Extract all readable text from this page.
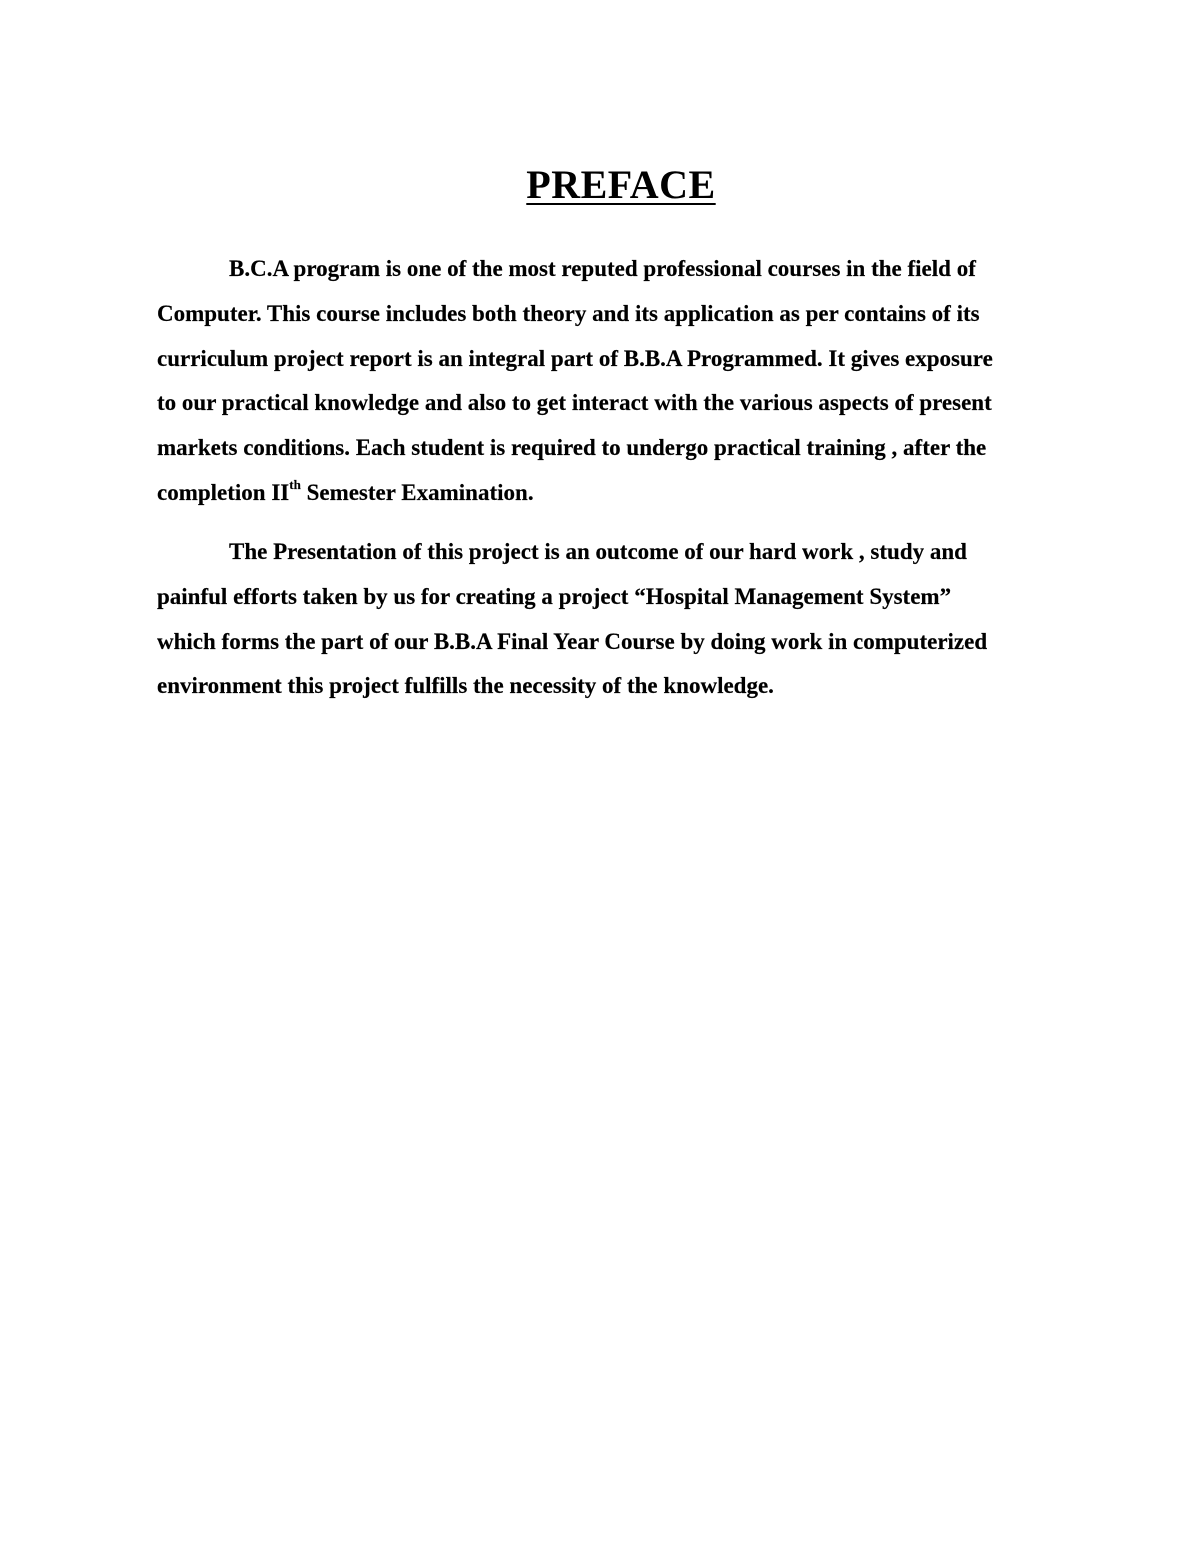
PREFACE
B.C.A program is one of the most reputed professional courses in the field of
Computer. This course includes both theory and its application as per contains of its
curriculum project report is an integral part of B.B.A Programmed. It gives exposure
to our practical knowledge and also to get interact with the various aspects of present
markets conditions. Each student is required to undergo practical training , after the
completion IIth Semester Examination.
The Presentation of this project is an outcome of our hard work , study and
painful efforts taken by us for creating a project “Hospital Management System”
which forms the part of our B.B.A Final Year Course by doing work in computerized
environment this project fulfills the necessity of the knowledge.
